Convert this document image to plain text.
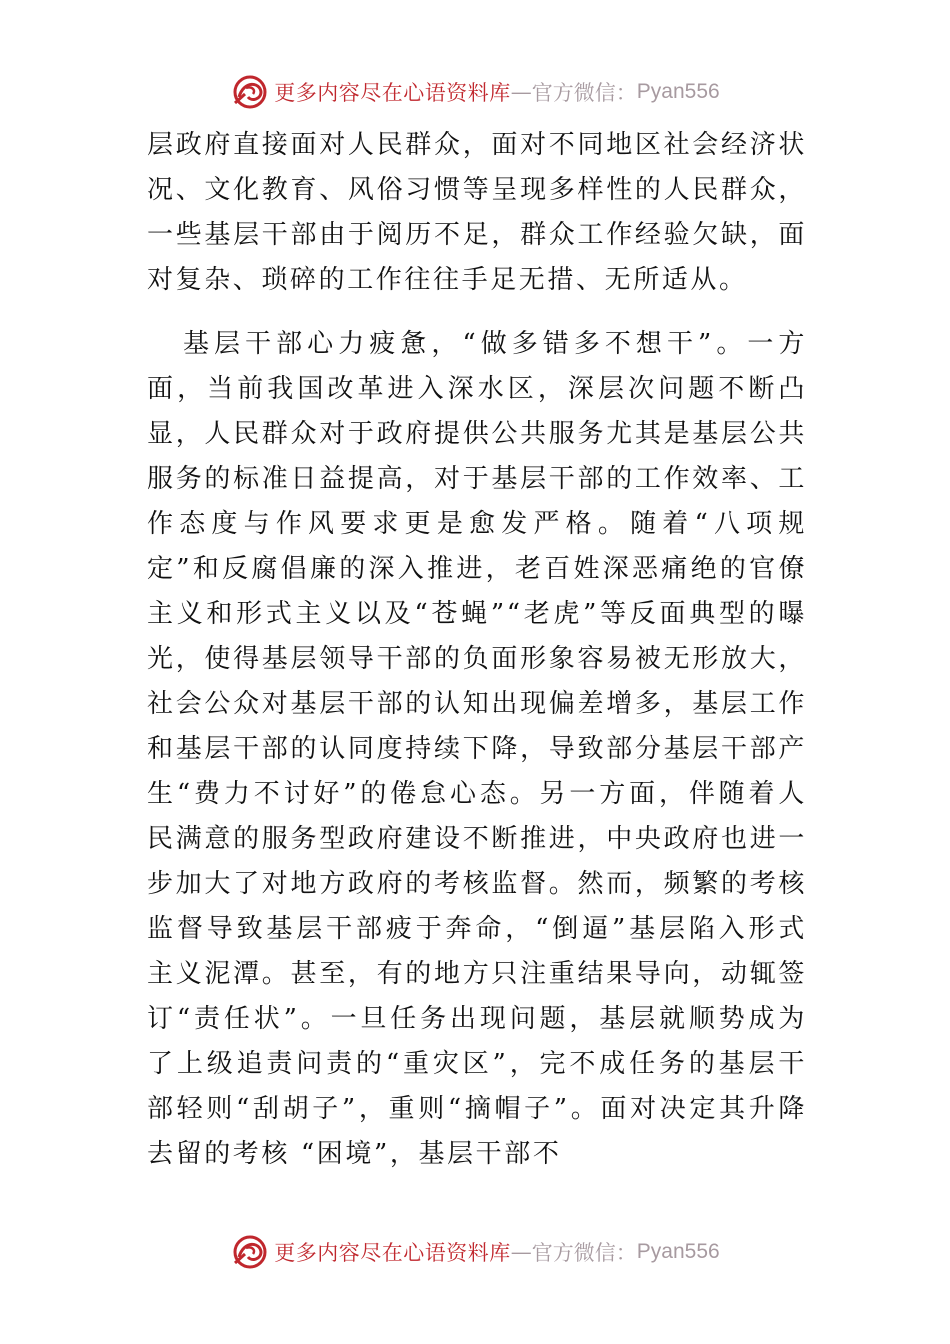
更多内容尽在心语资料库 — 官方微信： Pyan556

层政府直接面对人民群众，面对不同地区社会经济状况、文化教育、风俗习惯等呈现多样性的人民群众，一些基层干部由于阅历不足，群众工作经验欠缺，面对复杂、琐碎的工作往往手足无措、无所适从。

基层干部心力疲惫，“做多错多不想干”。一方面，当前我国改革进入深水区，深层次问题不断凸显，人民群众对于政府提供公共服务尤其是基层公共服务的标准日益提高，对于基层干部的工作效率、工作态度与作风要求更是愈发严格。随着“八项规定”和反腐倡廉的深入推进，老百姓深恶痛绝的官僚主义和形式主义以及“苍蝇”“老虎”等反面典型的曝光，使得基层领导干部的负面形象容易被无形放大，社会公众对基层干部的认知出现偏差增多，基层工作和基层干部的认同度持续下降，导致部分基层干部产生“费力不讨好”的倦怠心态。另一方面，伴随着人民满意的服务型政府建设不断推进，中央政府也进一步加大了对地方政府的考核监督。然而，频繁的考核监督导致基层干部疲于奔命，“倒逼”基层陷入形式主义泥潭。甚至，有的地方只注重结果导向，动辄签订“责任状”。一旦任务出现问题，基层就顺势成为了上级追责问责的“重灾区”，完不成任务的基层干部轻则“刮胡子”，重则“摘帽子”。面对决定其升降去留的考核 “困境”，基层干部不

更多内容尽在心语资料库 — 官方微信： Pyan556
